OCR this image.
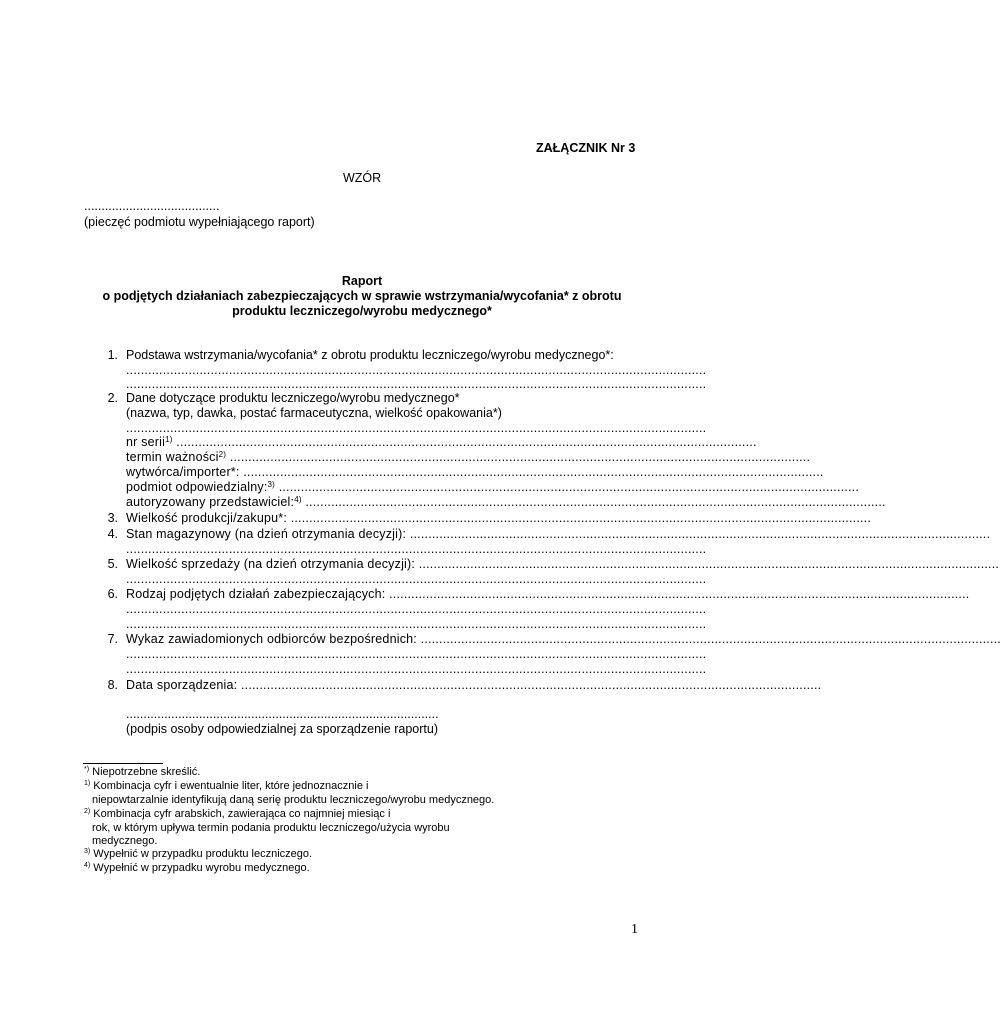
ZAŁĄCZNIK Nr 3
WZÓR
.......................................
(pieczęć podmiotu wypełniającego raport)
Raport
o podjętych działaniach zabezpieczających w sprawie wstrzymania/wycofania* z obrotu
produktu leczniczego/wyrobu medycznego*
1. Podstawa wstrzymania/wycofania* z obrotu produktu leczniczego/wyrobu medycznego*:
..............................................................................................................................................................
..............................................................................................................................................................
2. Dane dotyczące produktu leczniczego/wyrobu medycznego*
(nazwa, typ, dawka, postać farmaceutyczna, wielkość opakowania*)
..............................................................................................................................................................
nr serii$^{1)}$ ..............................................................................................................................................................
termin ważności$^{2)}$ ..............................................................................................................................................................
wytwórca/importer*: ..............................................................................................................................................................
podmiot odpowiedzialny:$^{3)}$ ..............................................................................................................................................................
autoryzowany przedstawiciel:$^{4)}$ ..............................................................................................................................................................
3. Wielkość produkcji/zakupu*: ..............................................................................................................................................................
4. Stan magazynowy (na dzień otrzymania decyzji): ..............................................................................................................................................................
..............................................................................................................................................................
5. Wielkość sprzedaży (na dzień otrzymania decyzji): ..............................................................................................................................................................
..............................................................................................................................................................
6. Rodzaj podjętych działań zabezpieczających: ..............................................................................................................................................................
..............................................................................................................................................................
..............................................................................................................................................................
7. Wykaz zawiadomionych odbiorców bezpośrednich: ..............................................................................................................................................................
..............................................................................................................................................................
..............................................................................................................................................................
8. Data sporządzenia: ..............................................................................................................................................................
..........................................................................................
(podpis osoby odpowiedzialnej za sporządzenie raportu)
*) Niepotrzebne skreślić.
$^{1)}$ Kombinacja cyfr i ewentualnie liter, które jednoznacznie i
niepowtarzalnie identyfikują daną serię produktu leczniczego/wyrobu medycznego.
$^{2)}$ Kombinacja cyfr arabskich, zawierająca co najmniej miesiąc i
rok, w którym upływa termin podania produktu leczniczego/użycia wyrobu
medycznego.
$^{3)}$ Wypełnić w przypadku produktu leczniczego.
$^{4)}$ Wypełnić w przypadku wyrobu medycznego.
1
